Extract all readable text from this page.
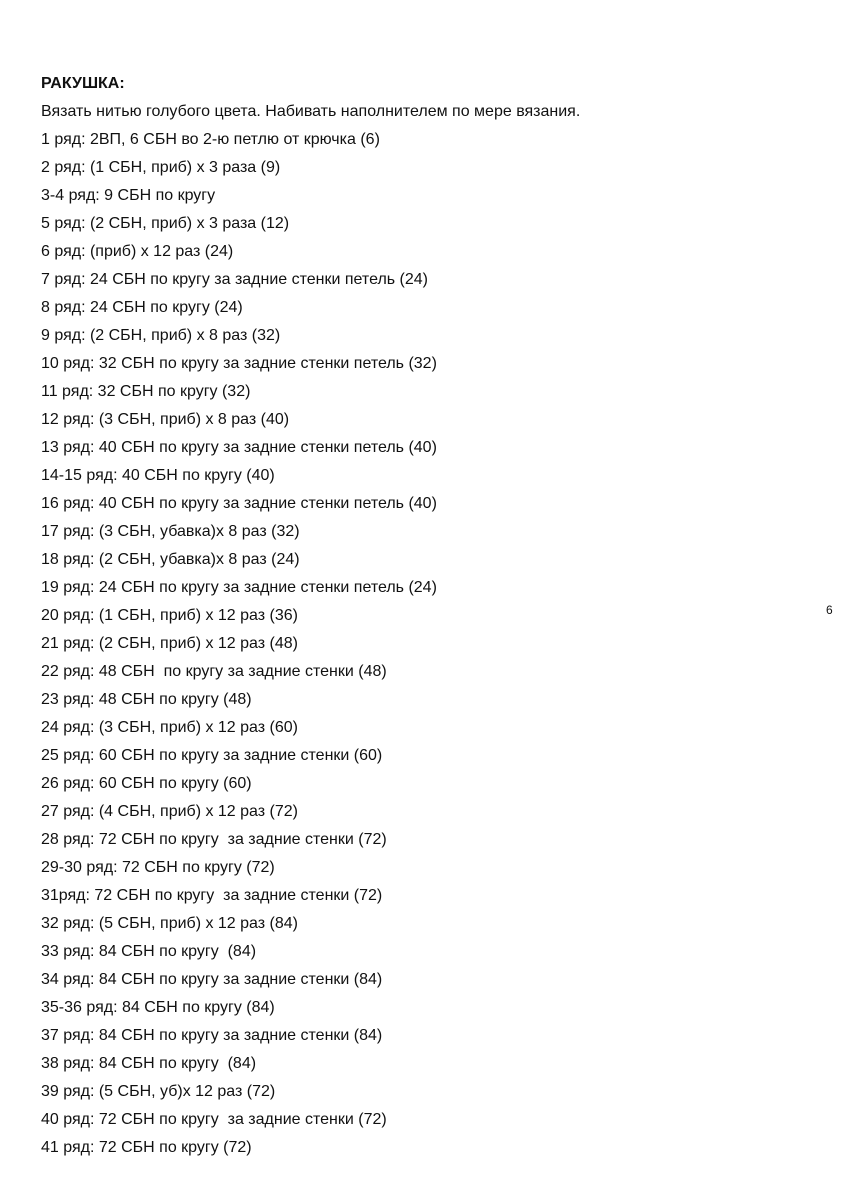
РАКУШКА:
Вязать нитью голубого цвета. Набивать наполнителем по мере вязания.
1 ряд: 2ВП, 6 СБН во 2-ю петлю от крючка (6)
2 ряд: (1 СБН, приб) х 3 раза (9)
3-4 ряд: 9 СБН по кругу
5 ряд: (2 СБН, приб) х 3 раза (12)
6 ряд: (приб) х 12 раз (24)
7 ряд: 24 СБН по кругу за задние стенки петель (24)
8 ряд: 24 СБН по кругу (24)
9 ряд: (2 СБН, приб) х 8 раз (32)
10 ряд: 32 СБН по кругу за задние стенки петель (32)
11 ряд: 32 СБН по кругу (32)
12 ряд: (3 СБН, приб) х 8 раз (40)
13 ряд: 40 СБН по кругу за задние стенки петель (40)
14-15 ряд: 40 СБН по кругу (40)
16 ряд: 40 СБН по кругу за задние стенки петель (40)
17 ряд: (3 СБН, убавка)х 8 раз (32)
18 ряд: (2 СБН, убавка)х 8 раз (24)
19 ряд: 24 СБН по кругу за задние стенки петель (24)
20 ряд: (1 СБН, приб) х 12 раз (36)
21 ряд: (2 СБН, приб) х 12 раз (48)
22 ряд: 48 СБН  по кругу за задние стенки (48)
23 ряд: 48 СБН по кругу (48)
24 ряд: (3 СБН, приб) х 12 раз (60)
25 ряд: 60 СБН по кругу за задние стенки (60)
26 ряд: 60 СБН по кругу (60)
27 ряд: (4 СБН, приб) х 12 раз (72)
28 ряд: 72 СБН по кругу  за задние стенки (72)
29-30 ряд: 72 СБН по кругу (72)
31ряд: 72 СБН по кругу  за задние стенки (72)
32 ряд: (5 СБН, приб) х 12 раз (84)
33 ряд: 84 СБН по кругу  (84)
34 ряд: 84 СБН по кругу за задние стенки (84)
35-36 ряд: 84 СБН по кругу (84)
37 ряд: 84 СБН по кругу за задние стенки (84)
38 ряд: 84 СБН по кругу  (84)
39 ряд: (5 СБН, уб)х 12 раз (72)
40 ряд: 72 СБН по кругу  за задние стенки (72)
41 ряд: 72 СБН по кругу (72)
6
